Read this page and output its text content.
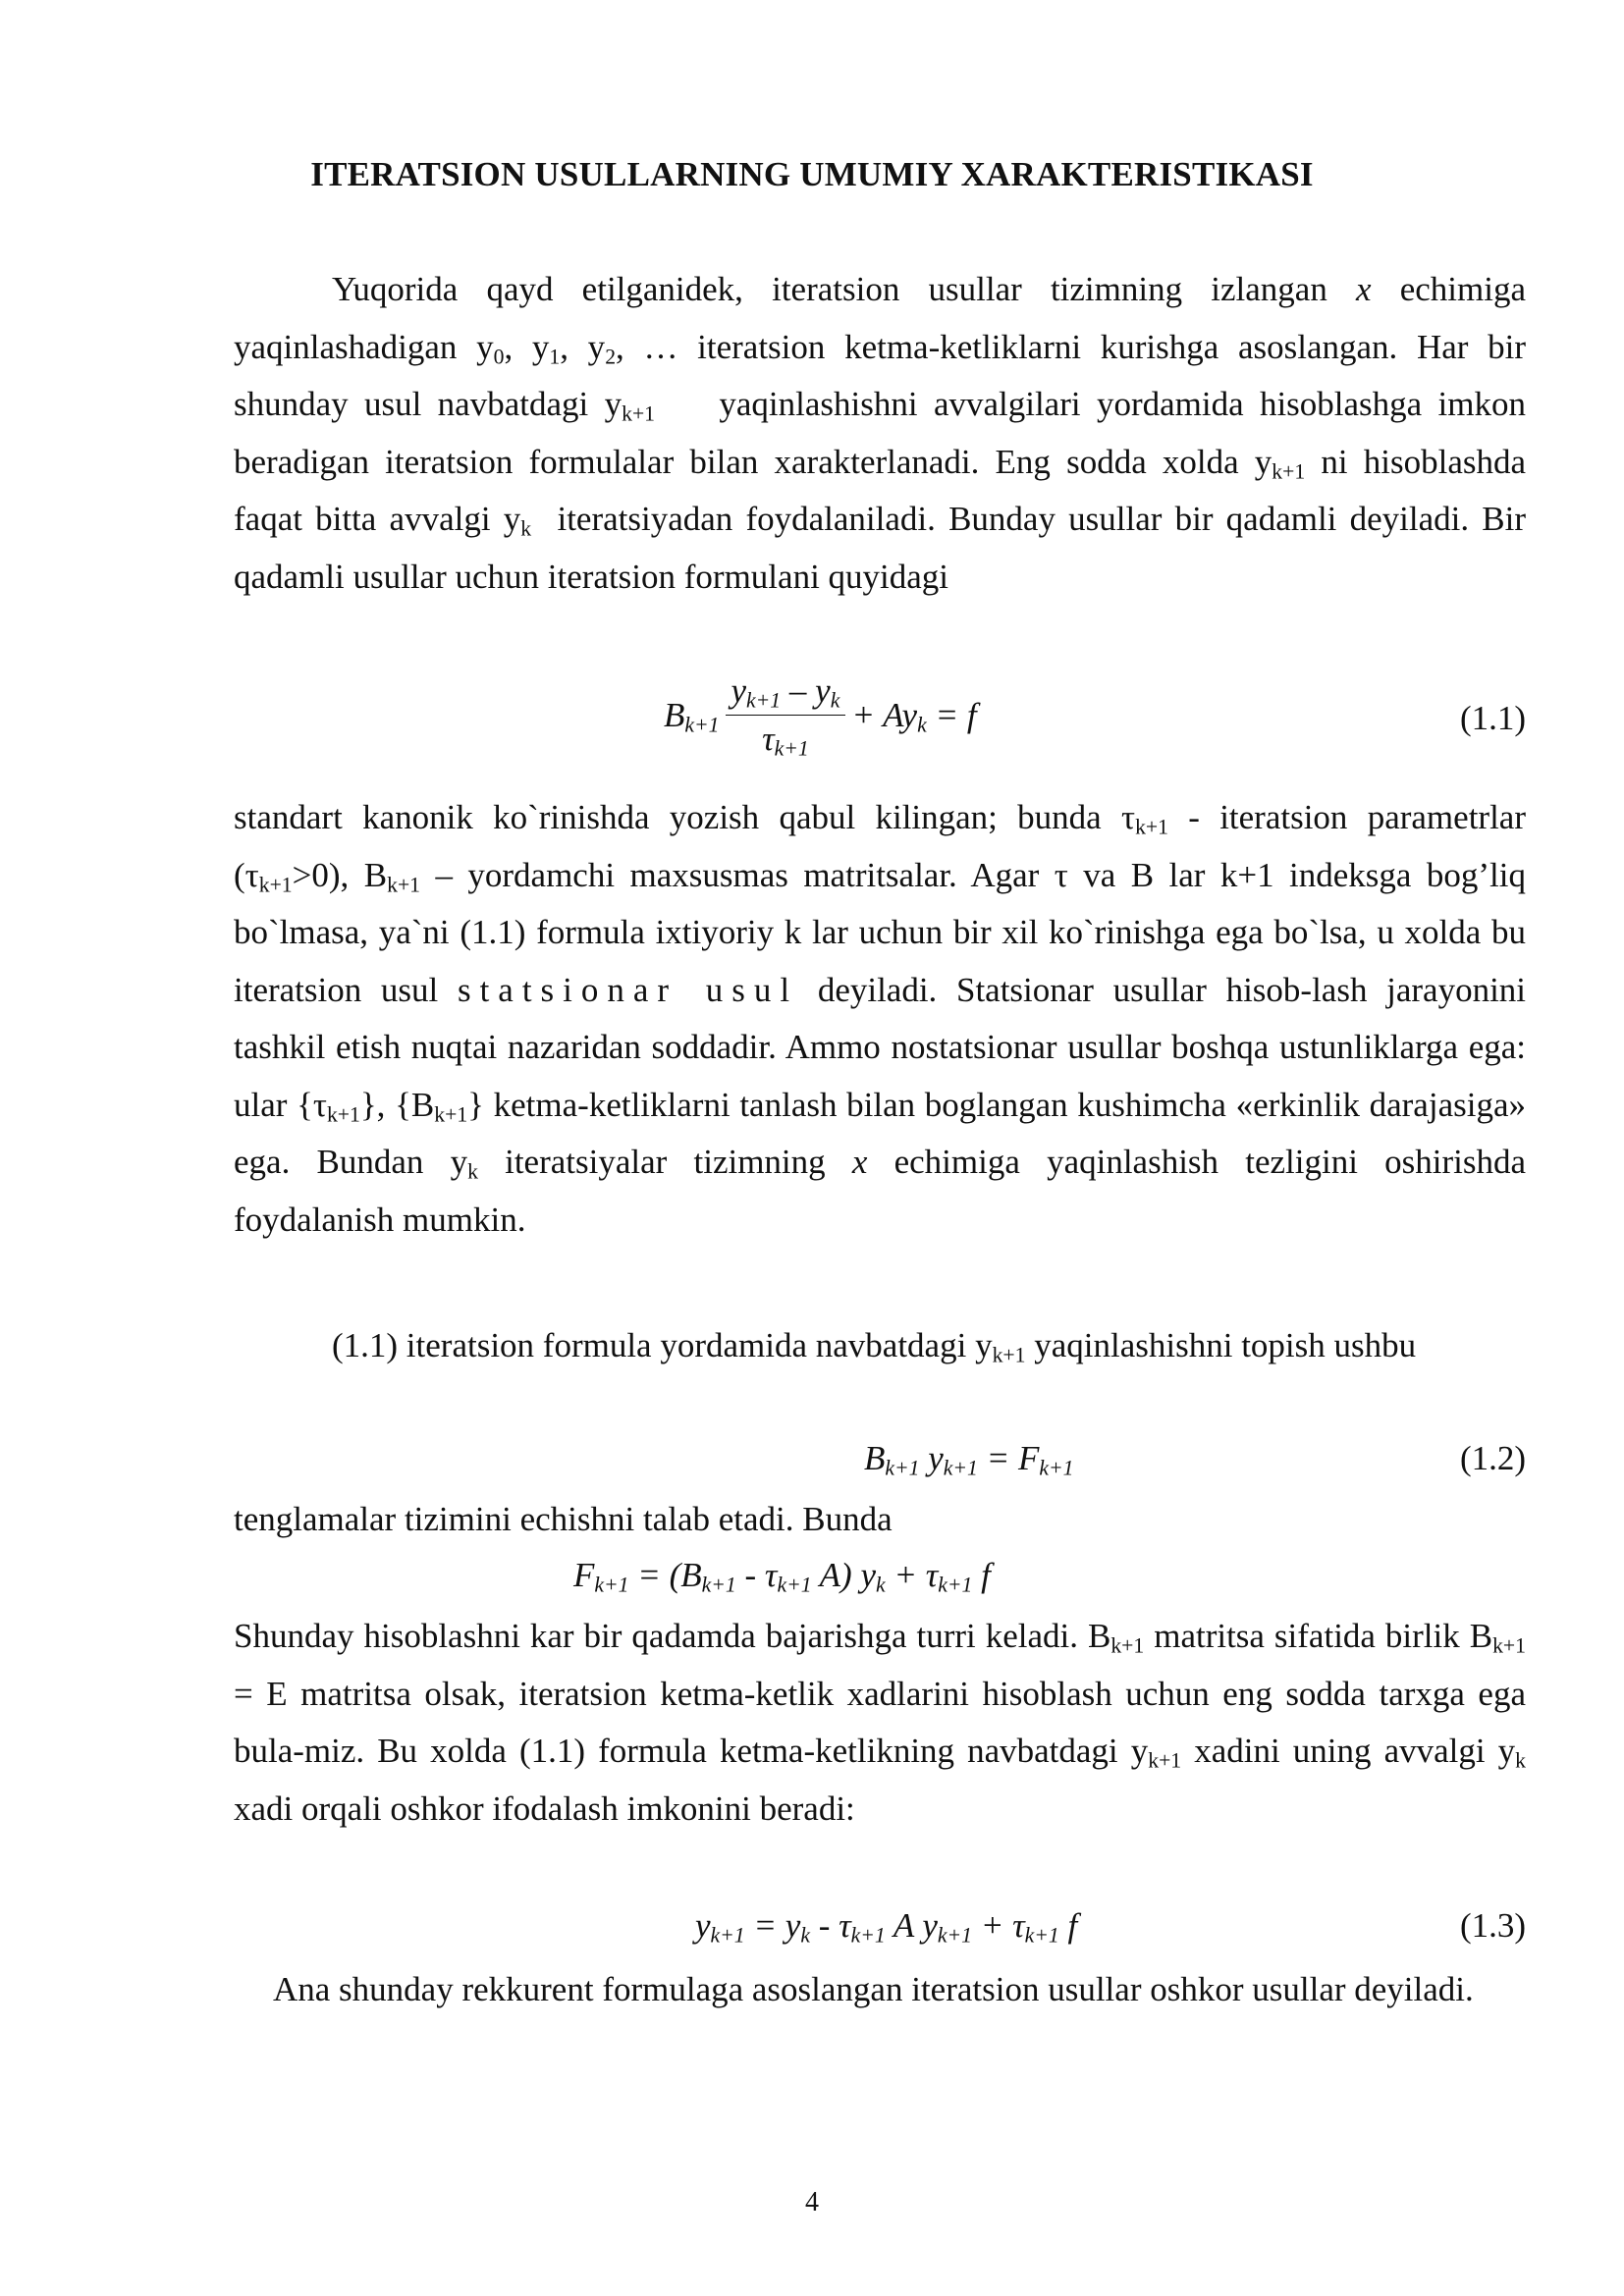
ITERATSION USULLARNING UMUMIY XARAKTERISTIKASI
Yuqorida qayd etilganidek, iteratsion usullar tizimning izlangan x echimiga yaqinlashadigan $y_0$, $y_1$, $y_2$, … iteratsion ketma-ketliklarni kurishga asoslangan. Har bir shunday usul navbatdagi $y_{k+1}$ yaqinlashishni avvalgilari yordamida hisoblashga imkon beradigan iteratsion formulalar bilan xarakterlanadi. Eng sodda xolda $y_{k+1}$ ni hisoblashda faqat bitta avvalgi $y_k$ iteratsiyadan foydalaniladi. Bunday usullar bir qadamli deyiladi. Bir qadamli usullar uchun iteratsion formulani quyidagi
$B_{k+1} \frac{y_{k+1} - y_k}{\tau_{k+1}} + Ay_k = f$	(1.1)
standart kanonik ko`rinishda yozish qabul kilingan; bunda $\tau_{k+1}$ - iteratsion parametrlar $(\tau_{k+1}>0)$, $B_{k+1}$ – yordamchi maxsusmas matritsalar. Agar τ va B lar k+1 indeksga bog’liq bo`lmasa, ya`ni (1.1) formula ixtiyoriy k lar uchun bir xil ko`rinishga ega bo`lsa, u xolda bu iteratsion usul statsionar usul deyiladi. Statsionar usullar hisob-lash jarayonini tashkil etish nuqtai nazaridan soddadir. Ammo nostatsionar usullar boshqa ustunliklarga ega: ular $\{\tau_{k+1}\}$, $\{B_{k+1}\}$ ketma-ketliklarni tanlash bilan boglangan kushimcha «erkinlik darajasiga» ega. Bundan $y_k$ iteratsiyalar tizimning x echimiga yaqinlashish tezligini oshirishda foydalanish mumkin.
(1.1) iteratsion formula yordamida navbatdagi $y_{k+1}$ yaqinlashishni topish ushbu
$B_{k+1}$ $y_{k+1} = F_{k+1}$	(1.2)
tenglamalar tizimini echishni talab etadi. Bunda
$F_{k+1} = (B_{k+1} - \tau_{k+1}$ A) $y_k + \tau_{k+1}$ f
Shunday hisoblashni kar bir qadamda bajarishga turri keladi. $B_{k+1}$ matritsa sifatida birlik $B_{k+1} = E$ matritsa olsak, iteratsion ketma-ketlik xadlarini hisoblash uchun eng sodda tarxga ega bula-miz. Bu xolda (1.1) formula ketma-ketlikning navbatdagi $y_{k+1}$ xadini uning avvalgi $y_k$ xadi orqali oshkor ifodalash imkonini beradi:
$y_{k+1} = y_k - \tau_{k+1}$ A $y_{k+1} + \tau_{k+1}$ f	(1.3)
Ana shunday rekkurent formulaga asoslangan iteratsion usullar oshkor usullar deyiladi.
4
